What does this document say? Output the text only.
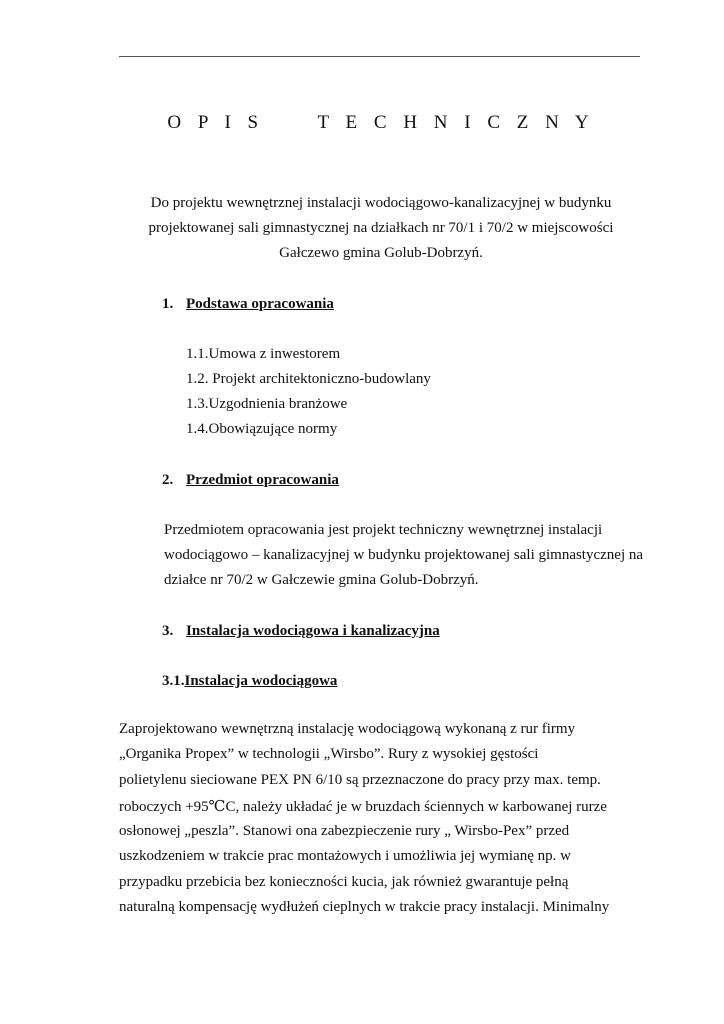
O P I S     T E C H N I C Z N Y
Do projektu wewnętrznej instalacji wodociągowo-kanalizacyjnej w budynku
projektowanej sali gimnastycznej na działkach nr 70/1 i 70/2 w miejscowości
Gałczewo gmina Golub-Dobrzyń.
1. Podstawa opracowania
1.1.Umowa z inwestorem
1.2. Projekt architektoniczno-budowlany
1.3.Uzgodnienia branżowe
1.4.Obowiązujące normy
2. Przedmiot opracowania
Przedmiotem opracowania jest projekt techniczny wewnętrznej instalacji
wodociągowo – kanalizacyjnej w budynku projektowanej sali gimnastycznej na
działce nr 70/2 w Gałczewie gmina Golub-Dobrzyń.
3. Instalacja wodociągowa i kanalizacyjna
3.1.Instalacja wodociągowa
Zaprojektowano wewnętrzną instalację wodociągową wykonaną z rur firmy
„Organika Propex” w technologii „Wirsbo”. Rury z wysokiej gęstości
polietylenu sieciowane PEX PN 6/10 są przeznaczone do pracy przy max. temp.
roboczych +95℃C, należy układać je w bruzdach ściennych w karbowanej rurze
osłonowej „peszla”. Stanowi ona zabezpieczenie rury „ Wirsbo-Pex” przed
uszkodzeniem w trakcie prac montażowych i umożliwia jej wymianę np. w
przypadku przebicia bez konieczności kucia, jak również gwarantuje pełną
naturalną kompensację wydłużeń cieplnych w trakcie pracy instalacji. Minimalny
